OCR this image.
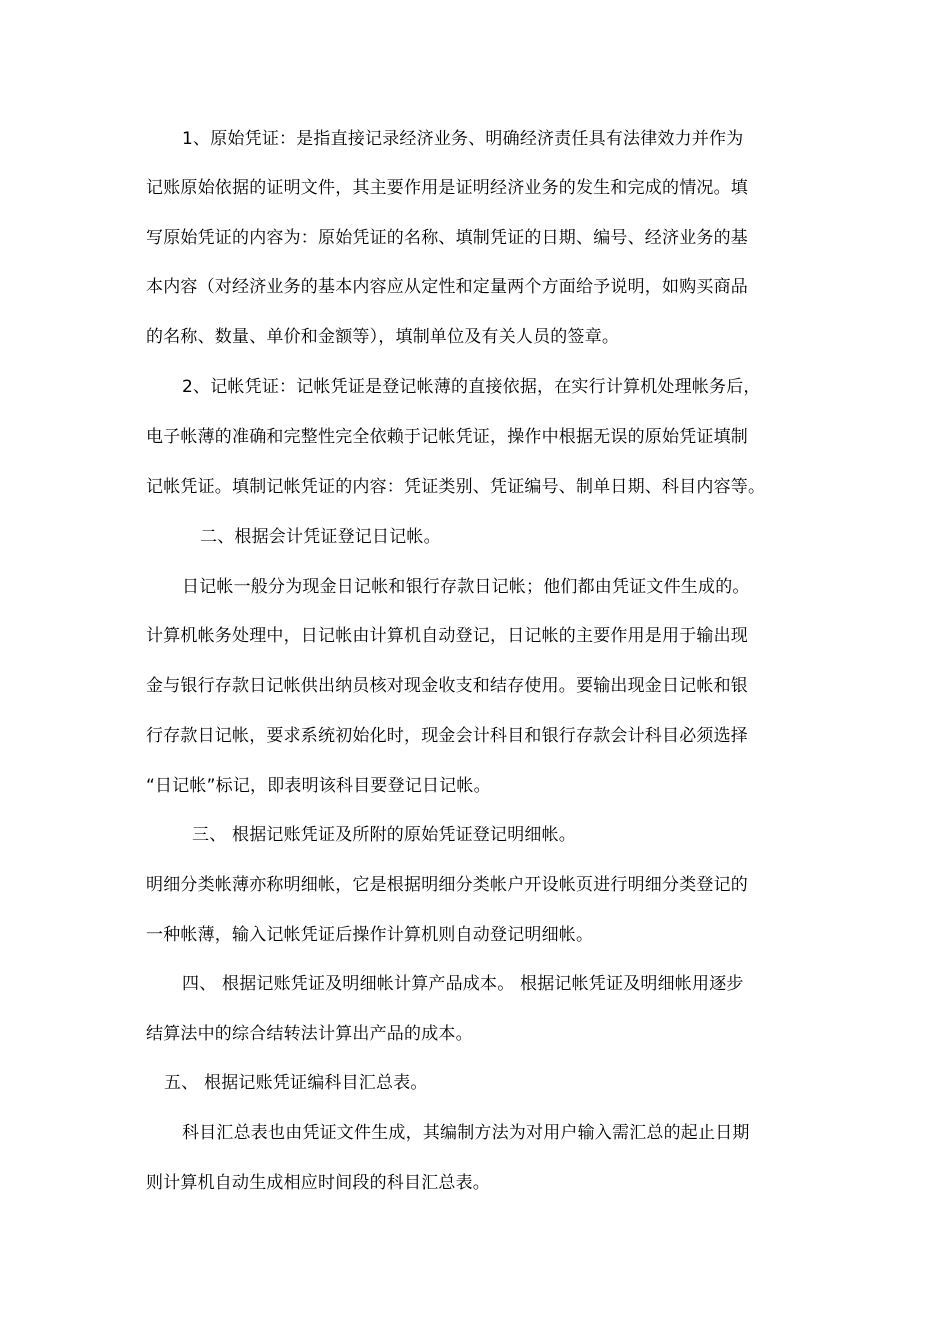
1、原始凭证：是指直接记录经济业务、明确经济责任具有法律效力并作为
记账原始依据的证明文件，其主要作用是证明经济业务的发生和完成的情况。填
写原始凭证的内容为：原始凭证的名称、填制凭证的日期、编号、经济业务的基
本内容（对经济业务的基本内容应从定性和定量两个方面给予说明，如购买商品
的名称、数量、单价和金额等），填制单位及有关人员的签章。
2、记帐凭证：记帐凭证是登记帐薄的直接依据，在实行计算机处理帐务后，
电子帐薄的准确和完整性完全依赖于记帐凭证，操作中根据无误的原始凭证填制
记帐凭证。填制记帐凭证的内容：凭证类别、凭证编号、制单日期、科目内容等。
二、根据会计凭证登记日记帐。
日记帐一般分为现金日记帐和银行存款日记帐；他们都由凭证文件生成的。
计算机帐务处理中，日记帐由计算机自动登记，日记帐的主要作用是用于输出现
金与银行存款日记帐供出纳员核对现金收支和结存使用。要输出现金日记帐和银
行存款日记帐，要求系统初始化时，现金会计科目和银行存款会计科目必须选择
“日记帐”标记，即表明该科目要登记日记帐。
三、 根据记账凭证及所附的原始凭证登记明细帐。
明细分类帐薄亦称明细帐，它是根据明细分类帐户开设帐页进行明细分类登记的
一种帐薄，输入记帐凭证后操作计算机则自动登记明细帐。
四、 根据记账凭证及明细帐计算产品成本。 根据记帐凭证及明细帐用逐步
结算法中的综合结转法计算出产品的成本。
五、 根据记账凭证编科目汇总表。
科目汇总表也由凭证文件生成，其编制方法为对用户输入需汇总的起止日期
则计算机自动生成相应时间段的科目汇总表。
